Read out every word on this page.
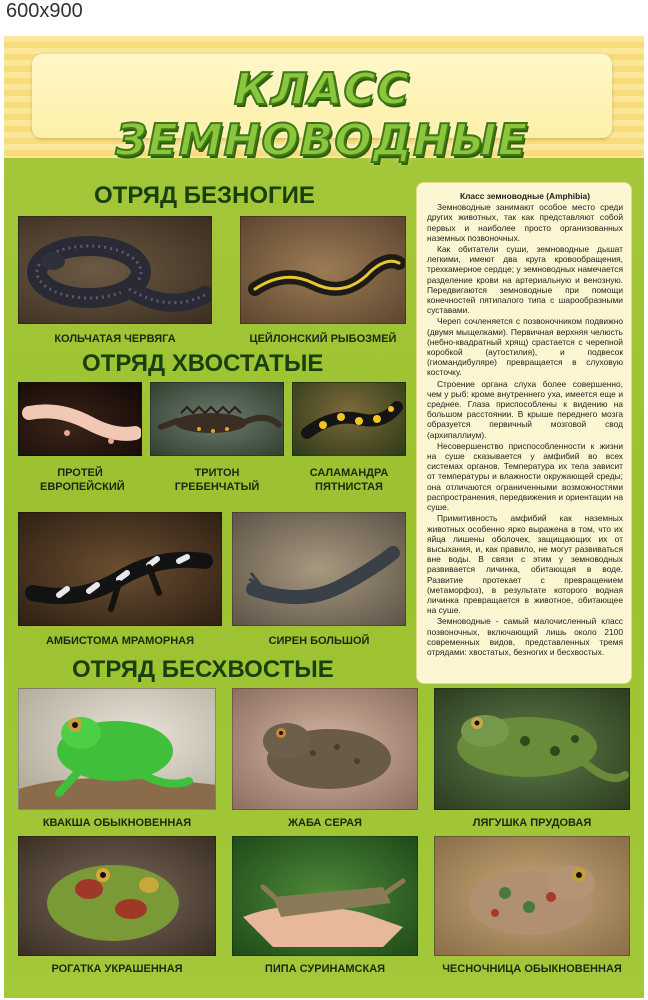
600x900
КЛАСС ЗЕМНОВОДНЫЕ
ОТРЯД БЕЗНОГИЕ
КОЛЬЧАТАЯ ЧЕРВЯГА	ЦЕЙЛОНСКИЙ РЫБОЗМЕЙ
ОТРЯД ХВОСТАТЫЕ
ПРОТЕЙ ЕВРОПЕЙСКИЙ
ТРИТОН ГРЕБЕНЧАТЫЙ
САЛАМАНДРА ПЯТНИСТАЯ
АМБИСТОМА МРАМОРНАЯ	СИРЕН БОЛЬШОЙ

Класс земноводные (Amphibia)

Земноводные занимают особое место среди других животных, так как представляют собой первых и наиболее просто организованных наземных позвоночных.

Как обитатели суши, земноводные дышат легкими, имеют два круга кровообращения, трехкамерное сердце; у земноводных намечается разделение крови на артериальную и венозную. Передвигаются земноводные при помощи конечностей пятипалого типа с шарообразными суставами.

Череп сочленяется с позвоночником подвижно (двумя мыщелками). Первичная верхняя челюсть (небно-квадратный хрящ) срастается с черепной коробкой (аутостилия), и подвесок (гиомандибуляре) превращается в слуховую косточку.

Строение органа слуха более совершенно, чем у рыб: кроме внутреннего уха, имеется еще и среднее. Глаза приспособлены к видению на большом расстоянии. В крыше переднего мозга образуется первичный мозговой свод (архипаллиум).

Несовершенство приспособленности к жизни на суше сказывается у амфибий во всех системах органов. Температура их тела зависит от температуры и влажности окружающей среды; она отличаются ограниченными возможностями распространения, передвижения и ориентации на суше.

Примитивность амфибий как наземных животных особенно ярко выражена в том, что их яйца лишены оболочек, защищающих их от высыхания, и, как правило, не могут развиваться вне воды. В связи с этим у земноводных развивается личинка, обитающая в воде. Развитие протекает с превращением (метаморфоз), в результате которого водная личинка превращается в животное, обитающее на суше.

Земноводные - самый малочисленный класс позвоночных, включающий лишь около 2100 современных видов, представленных тремя отрядами: хвостатых, безногих и бесхвостых.

ОТРЯД БЕСХВОСТЫЕ
КВАКША ОБЫКНОВЕННАЯ	ЖАБА СЕРАЯ	ЛЯГУШКА ПРУДОВАЯ
РОГАТКА УКРАШЕННАЯ	ПИПА СУРИНАМСКАЯ	ЧЕСНОЧНИЦА ОБЫКНОВЕННАЯ
